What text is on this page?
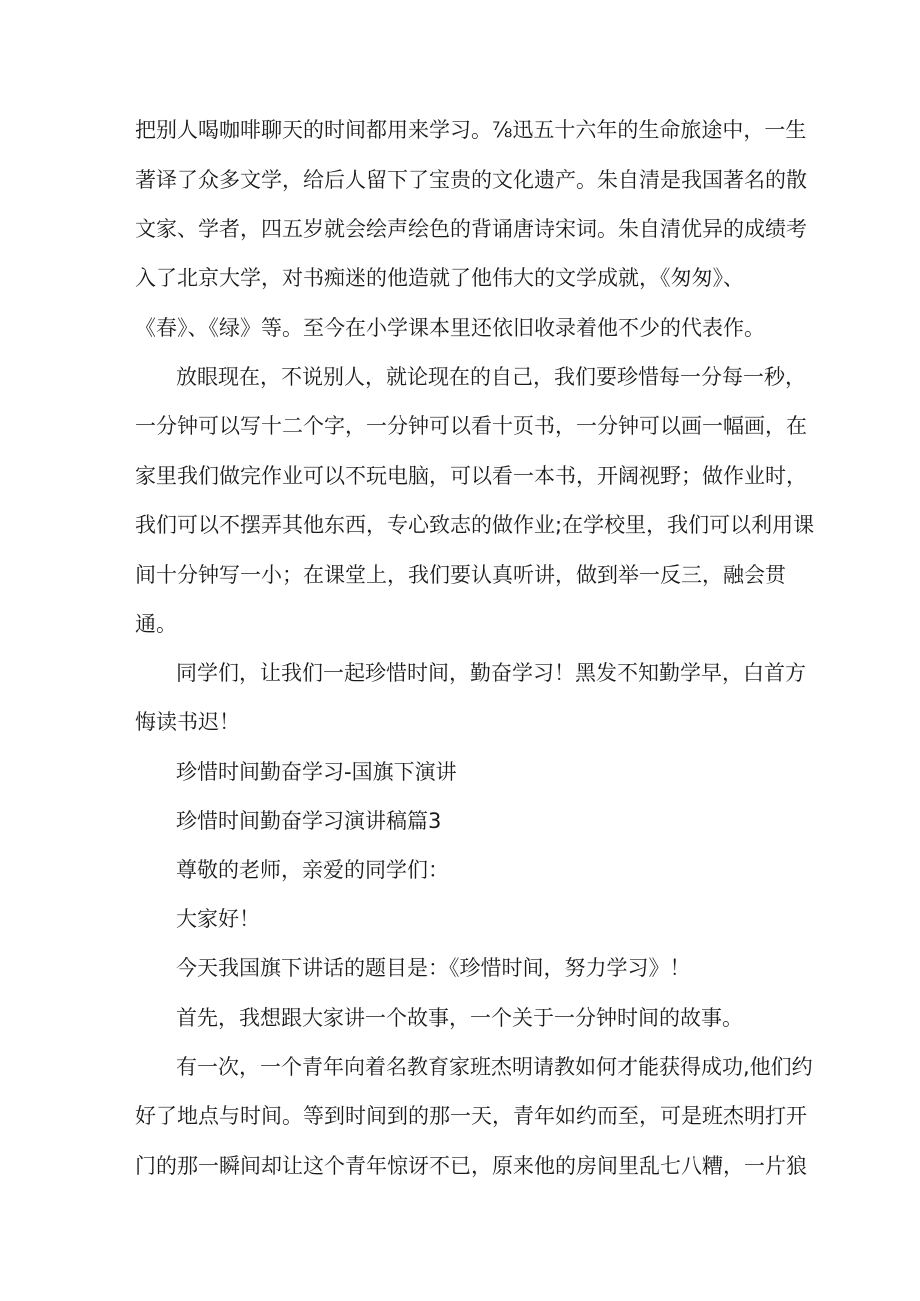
把别人喝咖啡聊天的时间都用来学习。⅞迅五十六年的生命旅途中，一生
著译了众多文学，给后人留下了宝贵的文化遗产。朱自清是我国著名的散
文家、学者，四五岁就会绘声绘色的背诵唐诗宋词。朱自清优异的成绩考
入了北京大学，对书痴迷的他造就了他伟大的文学成就，《匆匆》、
《春》、《绿》等。至今在小学课本里还依旧收录着他不少的代表作。
放眼现在，不说别人，就论现在的自己，我们要珍惜每一分每一秒，
一分钟可以写十二个字，一分钟可以看十页书，一分钟可以画一幅画，在
家里我们做完作业可以不玩电脑，可以看一本书，开阔视野；做作业时，
我们可以不摆弄其他东西，专心致志的做作业;在学校里，我们可以利用课
间十分钟写一小；在课堂上，我们要认真听讲，做到举一反三，融会贯
通。
同学们，让我们一起珍惜时间，勤奋学习！黑发不知勤学早，白首方
悔读书迟！
珍惜时间勤奋学习-国旗下演讲
珍惜时间勤奋学习演讲稿篇3
尊敬的老师，亲爱的同学们：
大家好！
今天我国旗下讲话的题目是：《珍惜时间，努力学习》！
首先，我想跟大家讲一个故事，一个关于一分钟时间的故事。
有一次，一个青年向着名教育家班杰明请教如何才能获得成功,他们约
好了地点与时间。等到时间到的那一天，青年如约而至，可是班杰明打开
门的那一瞬间却让这个青年惊讶不已，原来他的房间里乱七八糟，一片狼
